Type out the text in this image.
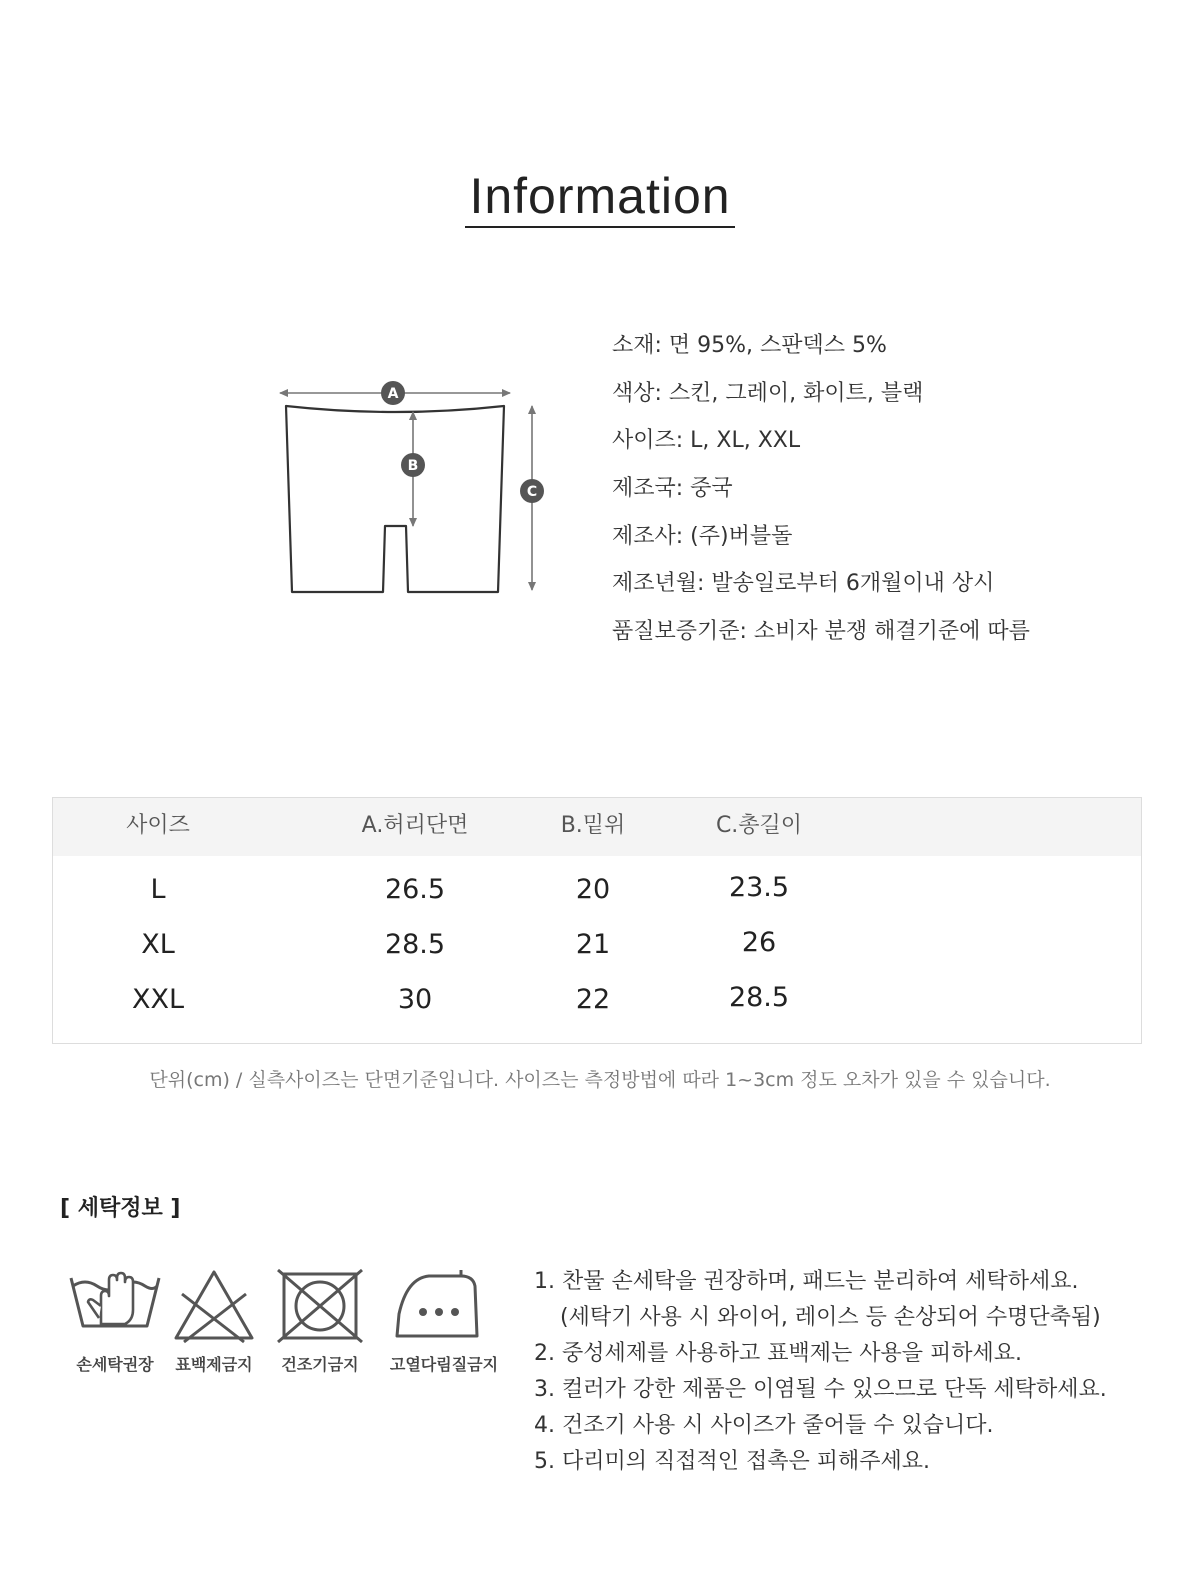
Information
A
B
C
소재: 면 95%, 스판덱스 5%
색상: 스킨, 그레이, 화이트, 블랙
사이즈: L, XL, XXL
제조국: 중국
제조사: (주)버블돌
제조년월: 발송일로부터 6개월이내 상시
품질보증기준: 소비자 분쟁 해결기준에 따름
사이즈	A.허리단면	B.밑위	C.총길이
L	26.5	20	23.5
XL	28.5	21	26
XXL	30	22	28.5
단위(cm) / 실측사이즈는 단면기준입니다. 사이즈는 측정방법에 따라 1~3cm 정도 오차가 있을 수 있습니다.
[ 세탁정보 ]
손세탁권장	표백제금지	건조기금지	고열다림질금지
1. 찬물 손세탁을 권장하며, 패드는 분리하여 세탁하세요.
(세탁기 사용 시 와이어, 레이스 등 손상되어 수명단축됨)
2. 중성세제를 사용하고 표백제는 사용을 피하세요.
3. 컬러가 강한 제품은 이염될 수 있으므로 단독 세탁하세요.
4. 건조기 사용 시 사이즈가 줄어들 수 있습니다.
5. 다리미의 직접적인 접촉은 피해주세요.
